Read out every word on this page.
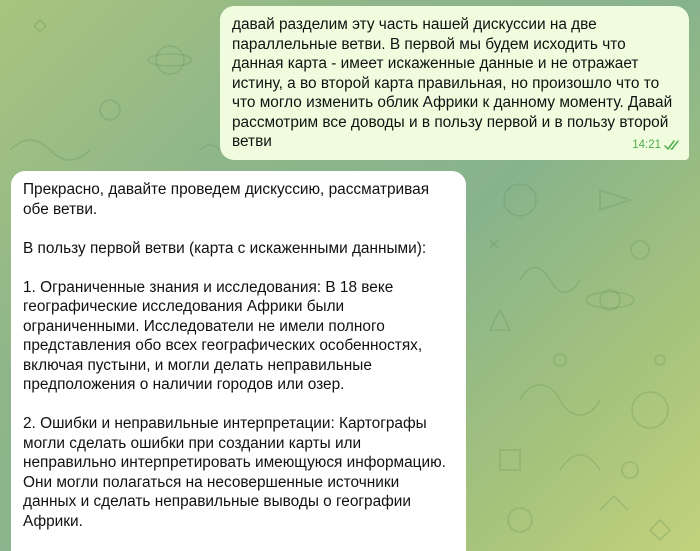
давай разделим эту часть нашей дискуссии на две параллельные ветви. В первой мы будем исходить что данная карта - имеет искаженные данные и не отражает истину, а во второй карта правильная, но произошло что то что могло изменить облик Африки к данному моменту. Давай рассмотрим все доводы и в пользу первой и в пользу второй ветви	14:21

Прекрасно, давайте проведем дискуссию, рассматривая обе ветви.

В пользу первой ветви (карта с искаженными данными):

1. Ограниченные знания и исследования: В 18 веке географические исследования Африки были ограниченными. Исследователи не имели полного представления обо всех географических особенностях, включая пустыни, и могли делать неправильные предположения о наличии городов или озер.

2. Ошибки и неправильные интерпретации: Картографы могли сделать ошибки при создании карты или неправильно интерпретировать имеющуюся информацию. Они могли полагаться на несовершенные источники данных и сделать неправильные выводы о географии Африки.
